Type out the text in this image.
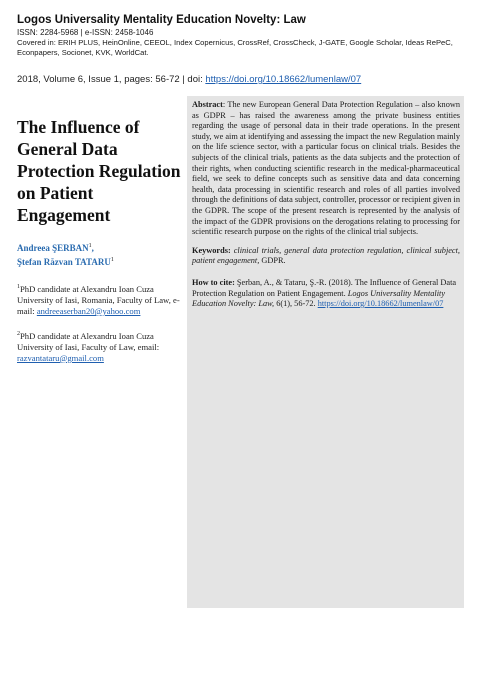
Logos Universality Mentality Education Novelty: Law
ISSN: 2284-5968 | e-ISSN: 2458-1046
Covered in: ERIH PLUS, HeinOnline, CEEOL, Index Copernicus, CrossRef, CrossCheck, J-GATE, Google Scholar, Ideas RePeC, Econpapers, Socionet, KVK, WorldCat.
2018, Volume 6, Issue 1, pages: 56-72 | doi: https://doi.org/10.18662/lumenlaw/07
The Influence of General Data Protection Regulation on Patient Engagement
Andreea ŞERBAN$^1$,
Ştefan Răzvan TATARU$^1$
$^1$PhD candidate at Alexandru Ioan Cuza University of Iasi, Romania, Faculty of Law, e-mail: andreeaserban20@yahoo.com
$^2$PhD candidate at Alexandru Ioan Cuza University of Iasi, Faculty of Law, email: razvantataru@gmail.com

Abstract: The new European General Data Protection Regulation – also known as GDPR – has raised the awareness among the private business entities regarding the usage of personal data in their trade operations. In the present study, we aim at identifying and assessing the impact the new Regulation mainly on the life science sector, with a particular focus on clinical trials. Besides the subjects of the clinical trials, patients as the data subjects and the protection of their rights, when conducting scientific research in the medical-pharmaceutical field, we seek to define concepts such as sensitive data and data concerning health, data processing in scientific research and roles of all parties involved through the definitions of data subject, controller, processor or recipient given in the GDPR. The scope of the present research is represented by the analysis of the impact of the GDPR provisions on the derogations relating to processing for scientific research purpose on the rights of the clinical trial subjects.

Keywords: clinical trials, general data protection regulation, clinical subject, patient engagement, GDPR.
How to cite: Şerban, A., & Tataru, Ş.-R. (2018). The Influence of General Data Protection Regulation on Patient Engagement. Logos Universality Mentality Education Novelty: Law, 6(1), 56-72. https://doi.org/10.18662/lumenlaw/07
